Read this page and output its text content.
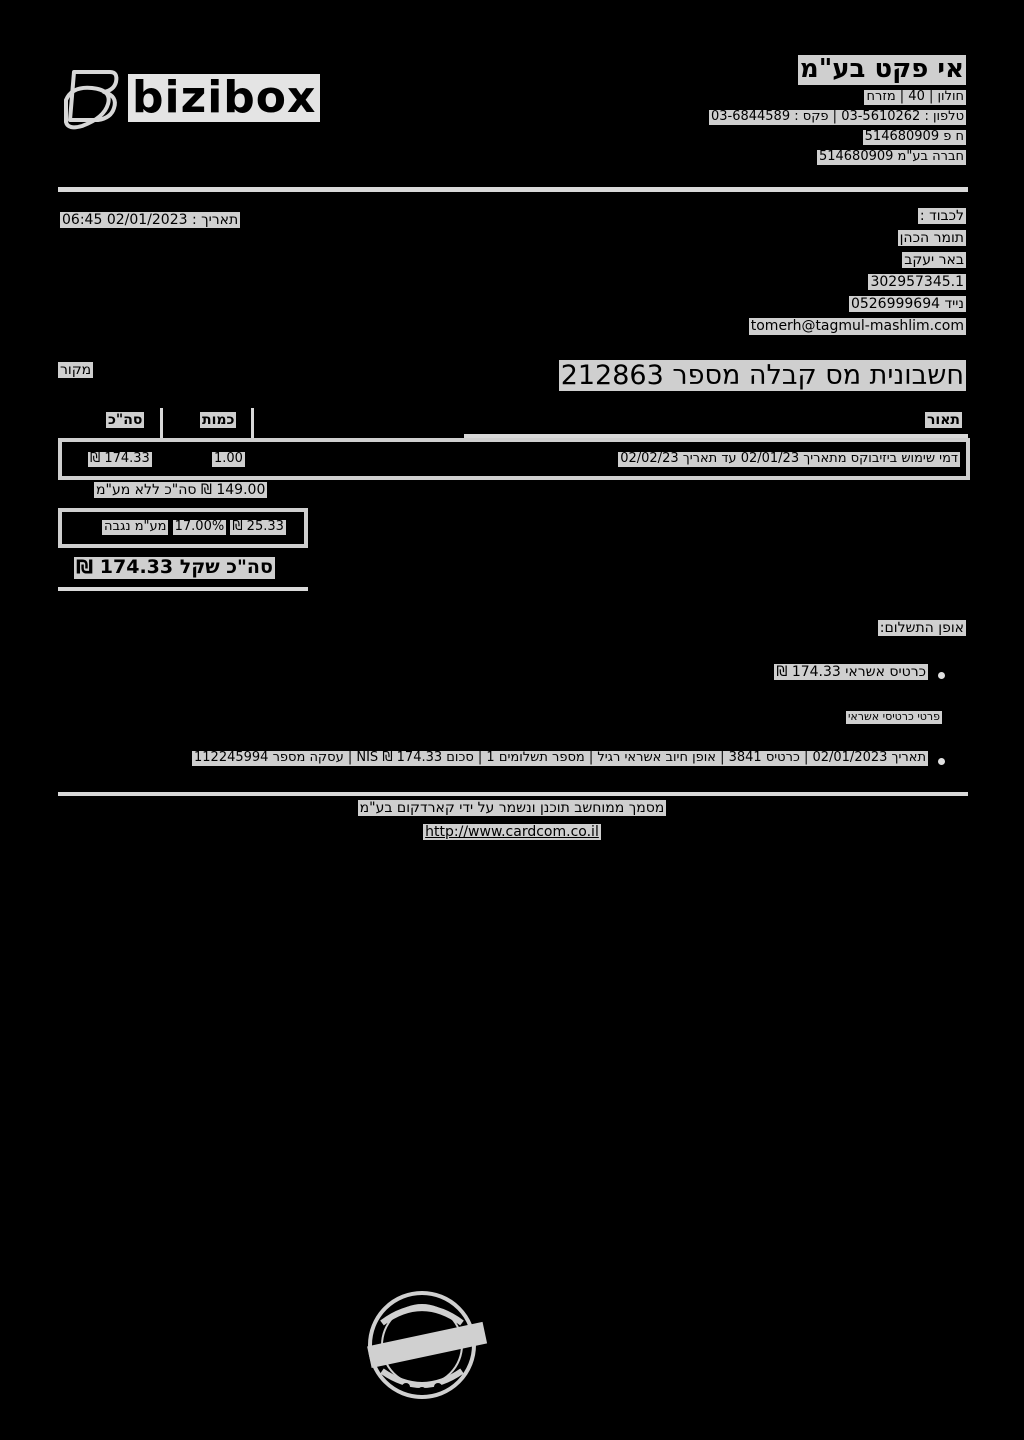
bizibox
אי פקט בע"מ
חולון | 40 | מזרח
טלפון : 03-5610262 | פקס : 03-6844589
ח פ 514680909
חברה בע"מ 514680909
תאריך : 02/01/2023 06:45	לכבוד :
תומר הכהן
באר יעקב
302957345.1
נייד 0526999694
tomerh@tagmul-mashlim.com
חשבונית מס קבלה מספר 212863
מקור
תאור
כמות
סה"כ
דמי שימוש ביזיבוקס מתאריך 02/01/23 עד תאריך 02/02/23
1.00
174.33 ₪
149.00 ₪ סה"כ ללא מע"מ
מע"מ נגבה 17.00% 25.33 ₪
סה"כ שקל 174.33 ₪
אופן התשלום:
כרטיס אשראי 174.33 ₪
פרטי כרטיסי אשראי
תאריך 02/01/2023 | כרטיס 3841 | אופן חיוב אשראי רגיל | מספר תשלומים 1 | סכום 174.33 ₪ NIS | עסקה מספר 112245994
מסמך ממוחשב תוכנן ונשמר על ידי קארדקום בע"מ
http://www.cardcom.co.il
